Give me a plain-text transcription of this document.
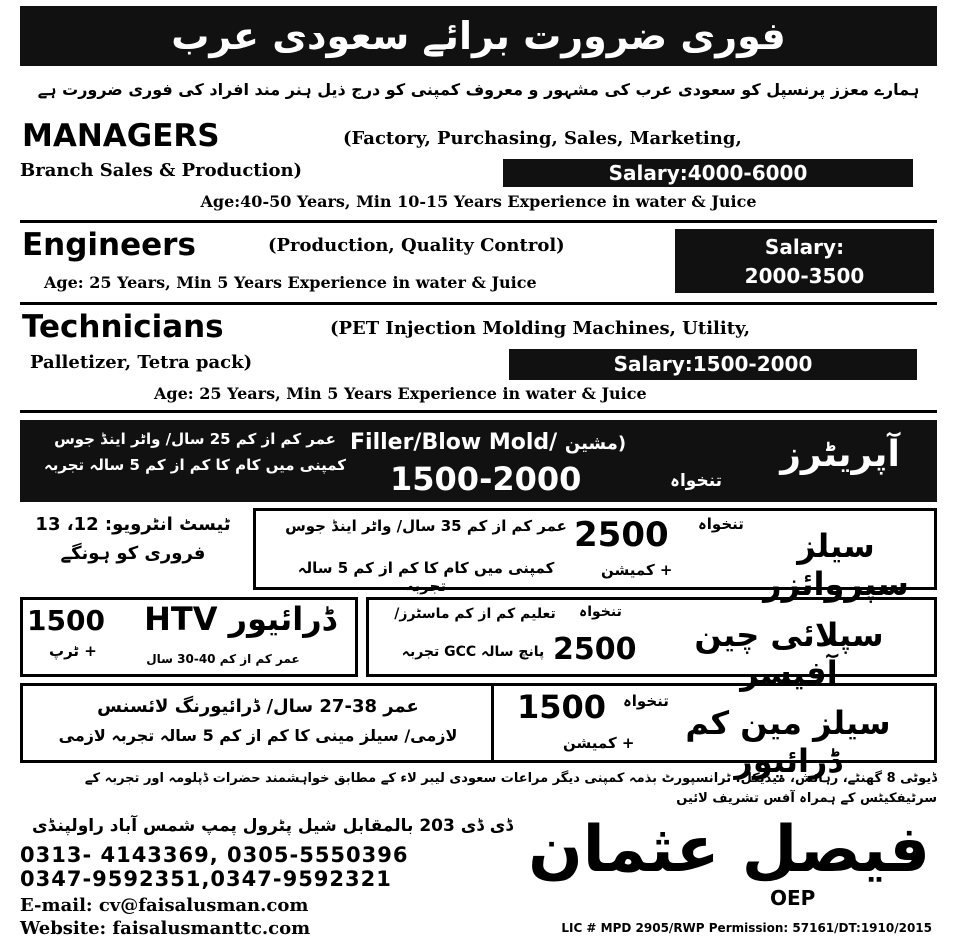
فوری ضرورت برائے سعودی عرب
ہمارے معزز پرنسپل کو سعودی عرب کی مشہور و معروف کمپنی کو درج ذیل ہنر مند افراد کی فوری ضرورت ہے
MANAGERS	(Factory, Purchasing, Sales, Marketing,
Branch Sales & Production)	Salary:4000-6000
Age:40-50 Years, Min 10-15 Years Experience in water & Juice
Engineers	(Production, Quality Control)
Age: 25 Years, Min 5 Years Experience in water & Juice
Salary:
2000-3500
Technicians	(PET Injection Molding Machines, Utility,
Palletizer, Tetra pack)	Salary:1500-2000
Age: 25 Years, Min 5 Years Experience in water & Juice
عمر کم از کم 25 سال/ واٹر اینڈ جوس
کمپنی میں کام کا کم از کم 5 سالہ تجربہ
Filler/Blow Mold/ (مشین
1500-2000	تنخواہ
آپریٹرز
ٹیسٹ انٹرویو: 12، 13
فروری کو ہونگے
عمر کم از کم 35 سال/ واٹر اینڈ جوس
کمپنی میں کام کا کم از کم 5 سالہ تجربہ
2500 تنخواہ
+ کمیشن
سیلز سپروائزر
1500
+ ٹرپ
HTV ڈرائیور
عمر کم از کم 40-30 سال
تعلیم کم از کم ماسٹرز/	تنخواہ
پانچ سالہ GCC تجربہ 2500	سپلائی چین آفیسر
عمر 38-27 سال/ ڈرائیورنگ لائسنس
لازمی/ سیلز مینی کا کم از کم 5 سالہ تجربہ لازمی
1500 تنخواہ
+ کمیشن
سیلز مین کم ڈرائیور
ڈیوٹی 8 گھنٹے، رہائش، میڈیکل، ٹرانسپورٹ بذمہ کمپنی دیگر مراعات سعودی لیبر لاء کے مطابق خواہشمند حضرات ڈپلومہ اور تجربہ کے سرٹیفکیٹس کے ہمراہ آفس تشریف لائیں
ڈی ڈی 203 بالمقابل شیل پٹرول پمپ شمس آباد راولپنڈی
0313- 4143369, 0305-5550396
0347-9592351,0347-9592321
E-mail: cv@faisalusman.com
Website: faisalusmanttc.com
فیصل عثمان
OEP
LIC # MPD 2905/RWP Permission: 57161/DT:1910/2015
